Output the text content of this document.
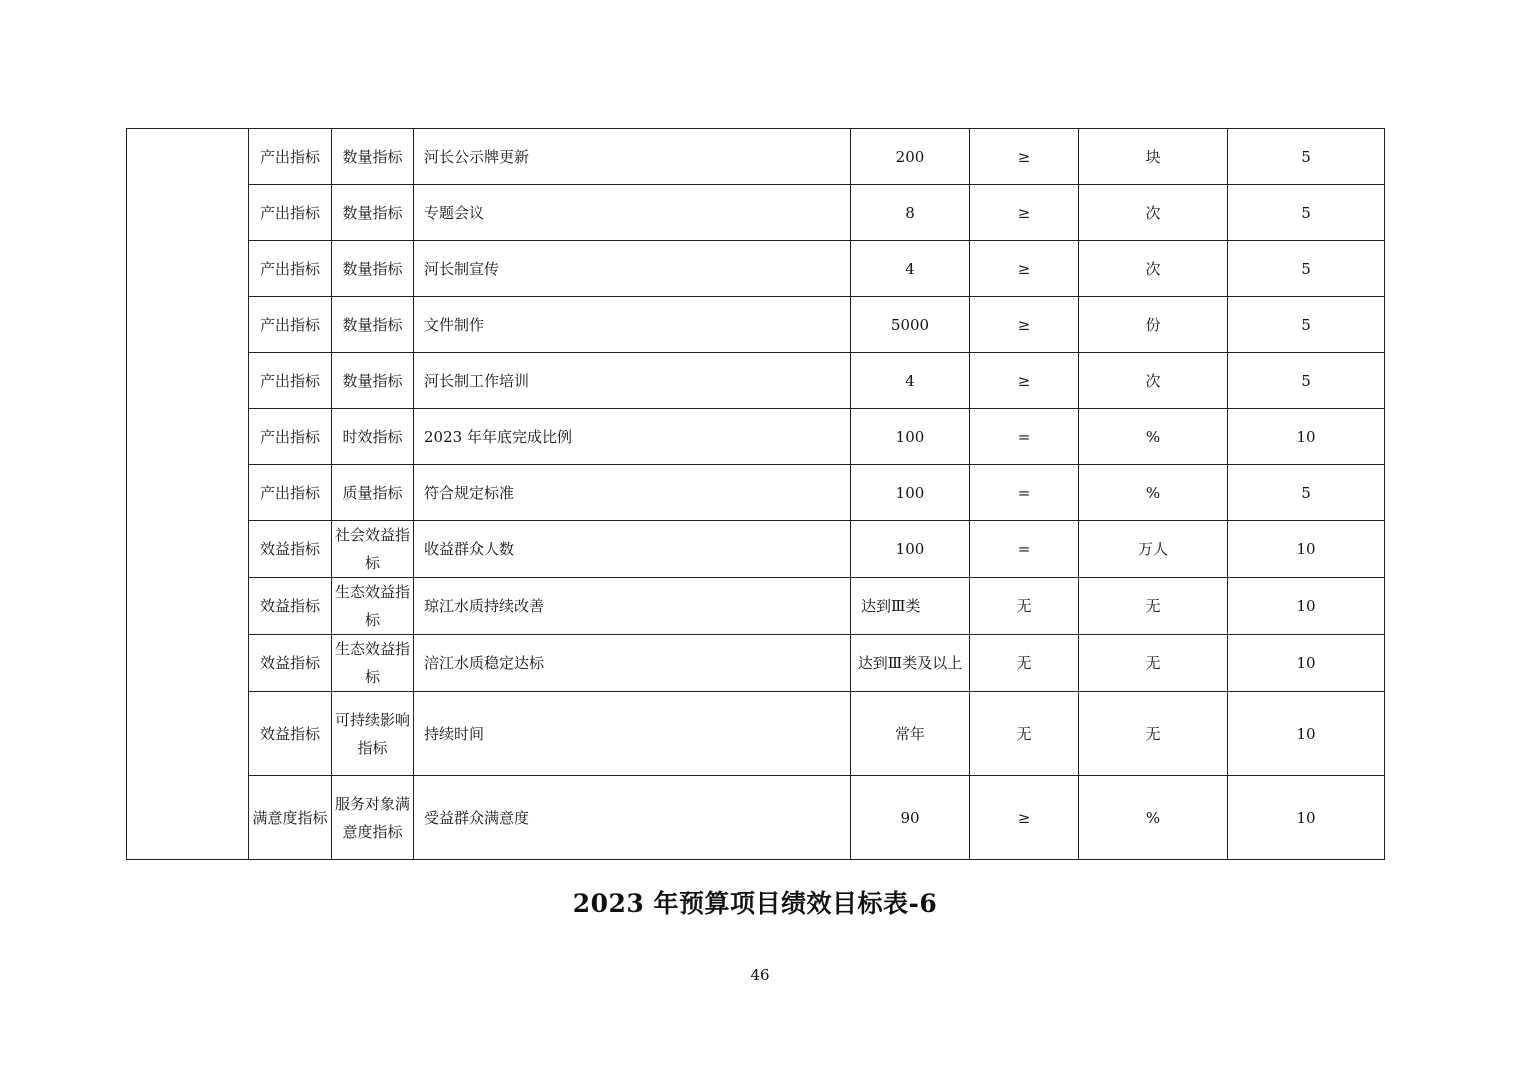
	产出指标	数量指标	河长公示牌更新	200	≥	块	5
	产出指标	数量指标	专题会议	8	≥	次	5
	产出指标	数量指标	河长制宣传	4	≥	次	5
	产出指标	数量指标	文件制作	5000	≥	份	5
	产出指标	数量指标	河长制工作培训	4	≥	次	5
	产出指标	时效指标	2023 年年底完成比例	100	=	%	10
	产出指标	质量指标	符合规定标准	100	=	%	5
	效益指标	社会效益指标	收益群众人数	100	=	万人	10
	效益指标	生态效益指标	琼江水质持续改善	达到Ⅲ类	无	无	10
	效益指标	生态效益指标	涪江水质稳定达标	达到Ⅲ类及以上	无	无	10
	效益指标	可持续影响指标	持续时间	常年	无	无	10
	满意度指标	服务对象满意度指标	受益群众满意度	90	≥	%	10
2023 年预算项目绩效目标表-6
46
